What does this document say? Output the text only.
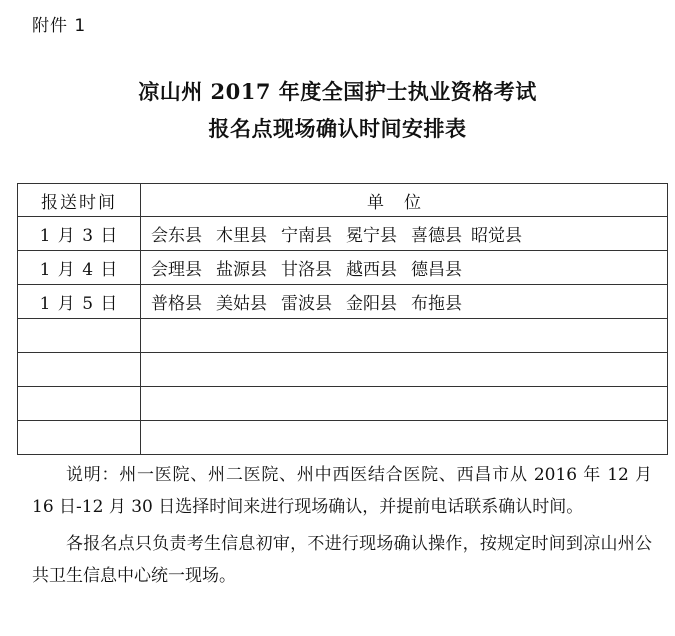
附件 1
凉山州 2017 年度全国护士执业资格考试
报名点现场确认时间安排表
报送时间	单位
1 月 3 日	会东县 木里县 宁南县 冕宁县 喜德县 昭觉县
1 月 4 日	会理县 盐源县 甘洛县 越西县 德昌县
1 月 5 日	普格县 美姑县 雷波县 金阳县 布拖县

说明：州一医院、州二医院、州中西医结合医院、西昌市从 2016 年 12 月 16 日-12 月 30 日选择时间来进行现场确认，并提前电话联系确认时间。

各报名点只负责考生信息初审，不进行现场确认操作，按规定时间到凉山州公共卫生信息中心统一现场。
